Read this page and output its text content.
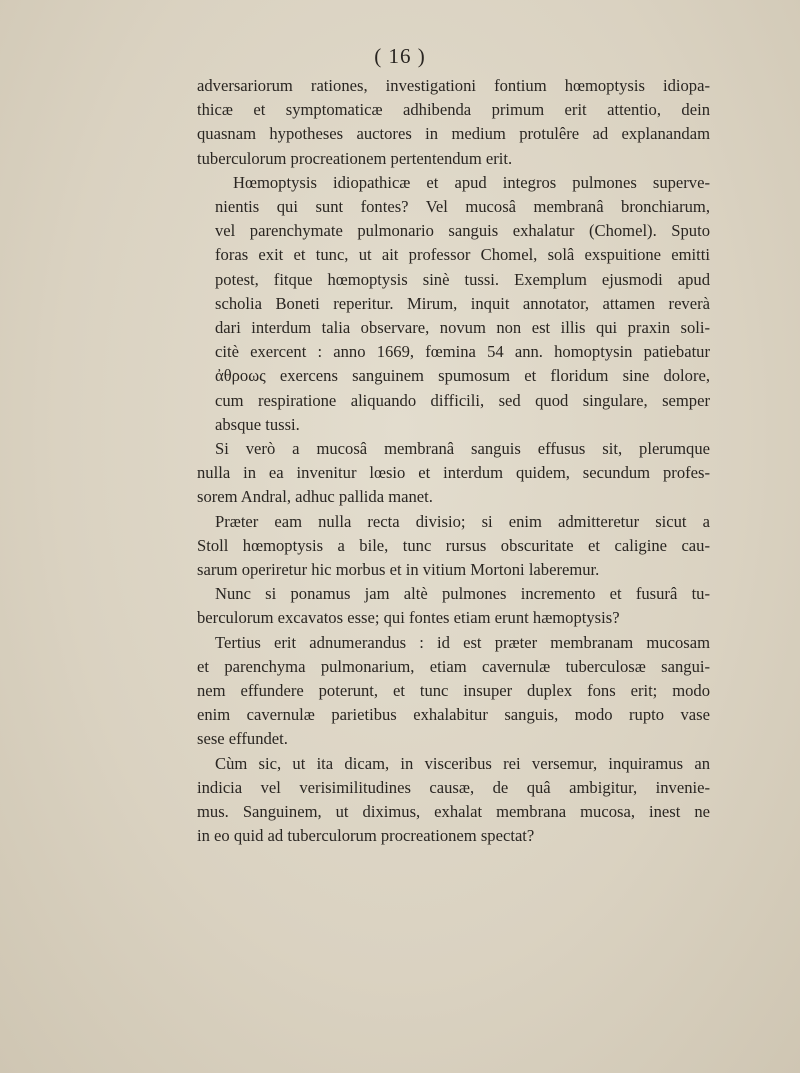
( 16 )

adversariorum rationes, investigationi fontium hœmoptysis idiopa-
thicæ et symptomaticæ adhibenda primum erit attentio, dein
quasnam hypotheses auctores in medium protulêre ad explanandam
tuberculorum procreationem pertentendum erit.

Hœmoptysis idiopathicæ et apud integros pulmones superve-
nientis qui sunt fontes? Vel mucosâ membranâ bronchiarum,
vel parenchymate pulmonario sanguis exhalatur (Chomel). Sputo
foras exit et tunc, ut ait professor Chomel, solâ exspuitione emitti
potest, fitque hœmoptysis sinè tussi. Exemplum ejusmodi apud
scholia Boneti reperitur. Mirum, inquit annotator, attamen reverà
dari interdum talia observare, novum non est illis qui praxin soli-
citè exercent : anno 1669, fœmina 54 ann. homoptysin patiebatur
ἀθροως exercens sanguinem spumosum et floridum sine dolore,
cum respiratione aliquando difficili, sed quod singulare, semper
absque tussi.

Si verò a mucosâ membranâ sanguis effusus sit, plerumque
nulla in ea invenitur lœsio et interdum quidem, secundum profes-
sorem Andral, adhuc pallida manet.

Præter eam nulla recta divisio; si enim admitteretur sicut a
Stoll hœmoptysis a bile, tunc rursus obscuritate et caligine cau-
sarum operiretur hic morbus et in vitium Mortoni laberemur.

Nunc si ponamus jam altè pulmones incremento et fusurâ tu-
berculorum excavatos esse; qui fontes etiam erunt hæmoptysis?

Tertius erit adnumerandus : id est præter membranam mucosam
et parenchyma pulmonarium, etiam cavernulæ tuberculosæ sangui-
nem effundere poterunt, et tunc insuper duplex fons erit; modo
enim cavernulæ parietibus exhalabitur sanguis, modo rupto vase
sese effundet.

Cùm sic, ut ita dicam, in visceribus rei versemur, inquiramus an
indicia vel verisimilitudines causæ, de quâ ambigitur, invenie-
mus. Sanguinem, ut diximus, exhalat membrana mucosa, inest ne
in eo quid ad tuberculorum procreationem spectat?
